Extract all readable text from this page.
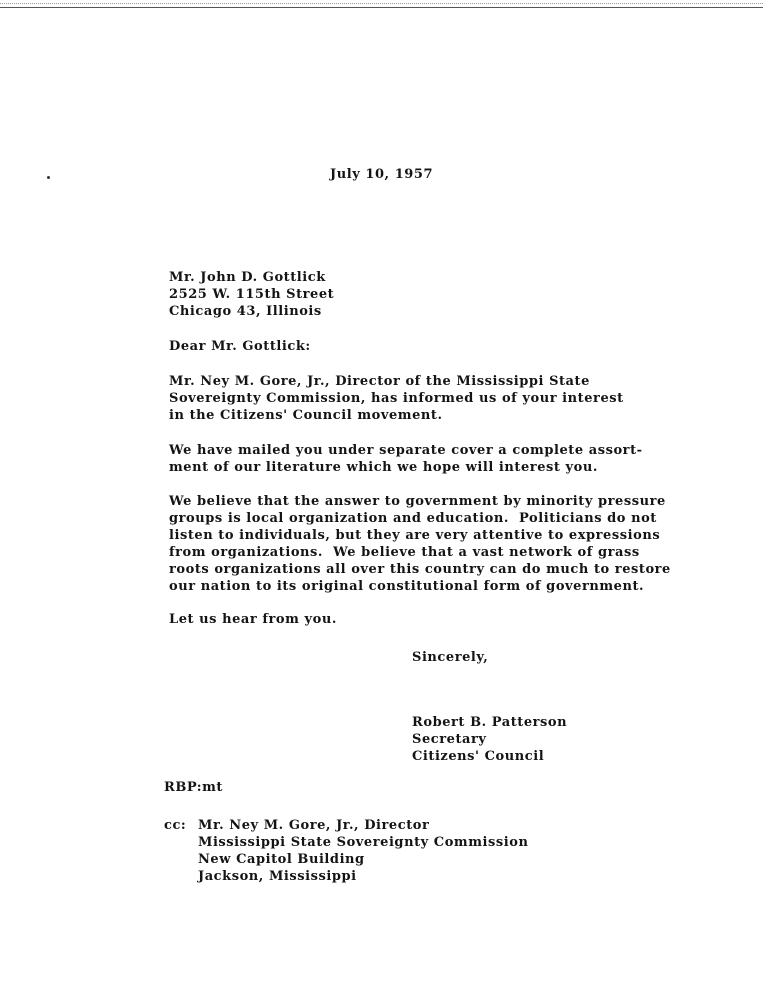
July 10, 1957
Mr. John D. Gottlick
2525 W. 115th Street
Chicago 43, Illinois
Dear Mr. Gottlick:
Mr. Ney M. Gore, Jr., Director of the Mississippi State
Sovereignty Commission, has informed us of your interest
in the Citizens' Council movement.
We have mailed you under separate cover a complete assort-
ment of our literature which we hope will interest you.
We believe that the answer to government by minority pressure
groups is local organization and education.  Politicians do not
listen to individuals, but they are very attentive to expressions
from organizations.  We believe that a vast network of grass
roots organizations all over this country can do much to restore
our nation to its original constitutional form of government.
Let us hear from you.
Sincerely,
Robert B. Patterson
Secretary
Citizens' Council
RBP:mt
cc: Mr. Ney M. Gore, Jr., Director
Mississippi State Sovereignty Commission
New Capitol Building
Jackson, Mississippi
